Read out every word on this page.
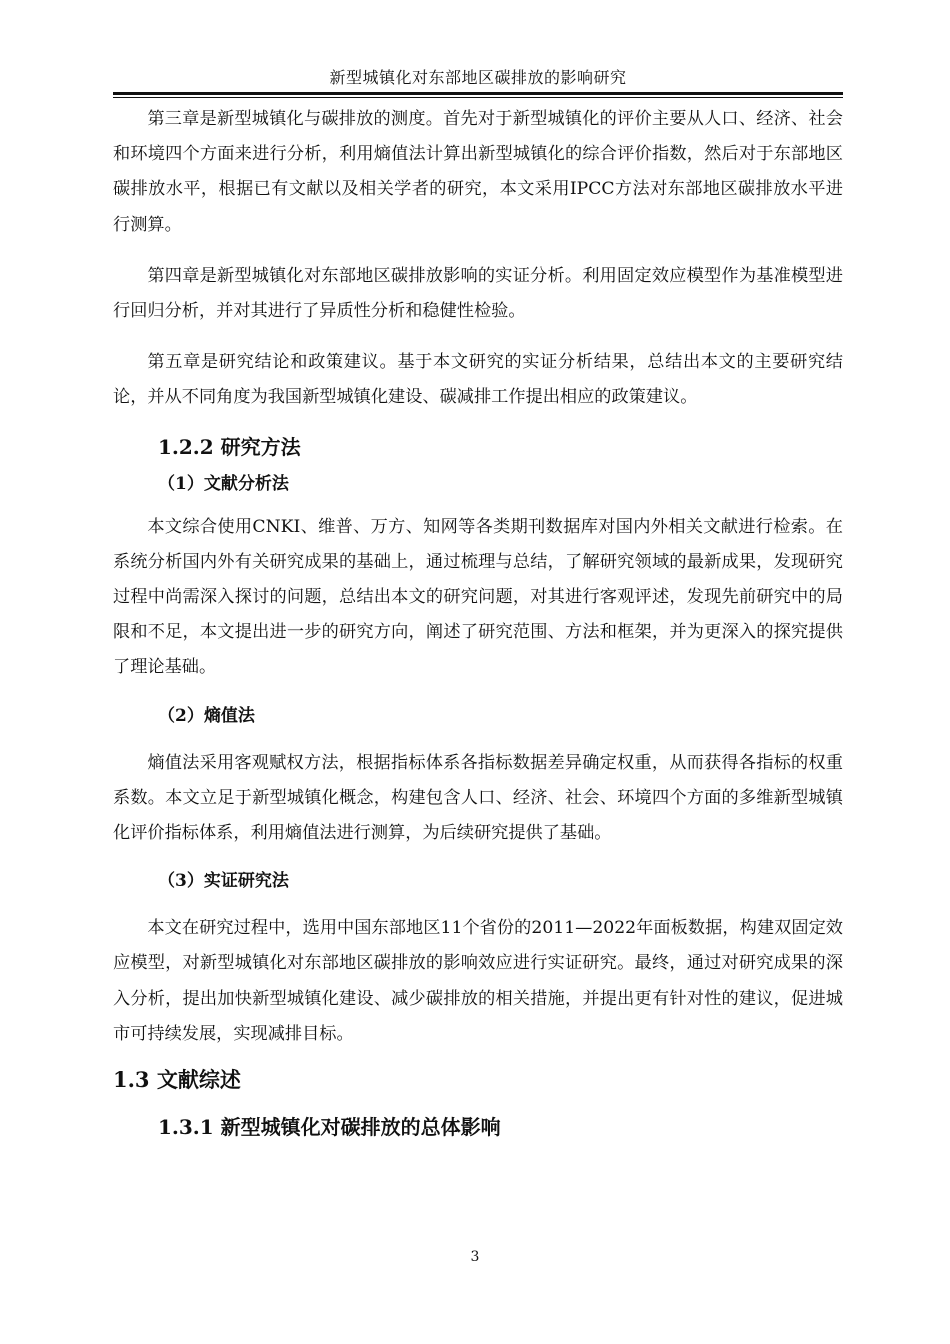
新型城镇化对东部地区碳排放的影响研究

第三章是新型城镇化与碳排放的测度。首先对于新型城镇化的评价主要从人口、经济、社会和环境四个方面来进行分析，利用熵值法计算出新型城镇化的综合评价指数，然后对于东部地区碳排放水平，根据已有文献以及相关学者的研究，本文采用IPCC方法对东部地区碳排放水平进行测算。

第四章是新型城镇化对东部地区碳排放影响的实证分析。利用固定效应模型作为基准模型进行回归分析，并对其进行了异质性分析和稳健性检验。

第五章是研究结论和政策建议。基于本文研究的实证分析结果，总结出本文的主要研究结论，并从不同角度为我国新型城镇化建设、碳减排工作提出相应的政策建议。

1.2.2 研究方法
（1）文献分析法

本文综合使用CNKI、维普、万方、知网等各类期刊数据库对国内外相关文献进行检索。在系统分析国内外有关研究成果的基础上，通过梳理与总结，了解研究领域的最新成果，发现研究过程中尚需深入探讨的问题，总结出本文的研究问题，对其进行客观评述，发现先前研究中的局限和不足，本文提出进一步的研究方向，阐述了研究范围、方法和框架，并为更深入的探究提供了理论基础。

（2）熵值法

熵值法采用客观赋权方法，根据指标体系各指标数据差异确定权重，从而获得各指标的权重系数。本文立足于新型城镇化概念，构建包含人口、经济、社会、环境四个方面的多维新型城镇化评价指标体系，利用熵值法进行测算，为后续研究提供了基础。

（3）实证研究法

本文在研究过程中，选用中国东部地区11个省份的2011—2022年面板数据，构建双固定效应模型，对新型城镇化对东部地区碳排放的影响效应进行实证研究。最终，通过对研究成果的深入分析，提出加快新型城镇化建设、减少碳排放的相关措施，并提出更有针对性的建议，促进城市可持续发展，实现减排目标。

1.3 文献综述
1.3.1 新型城镇化对碳排放的总体影响
3
